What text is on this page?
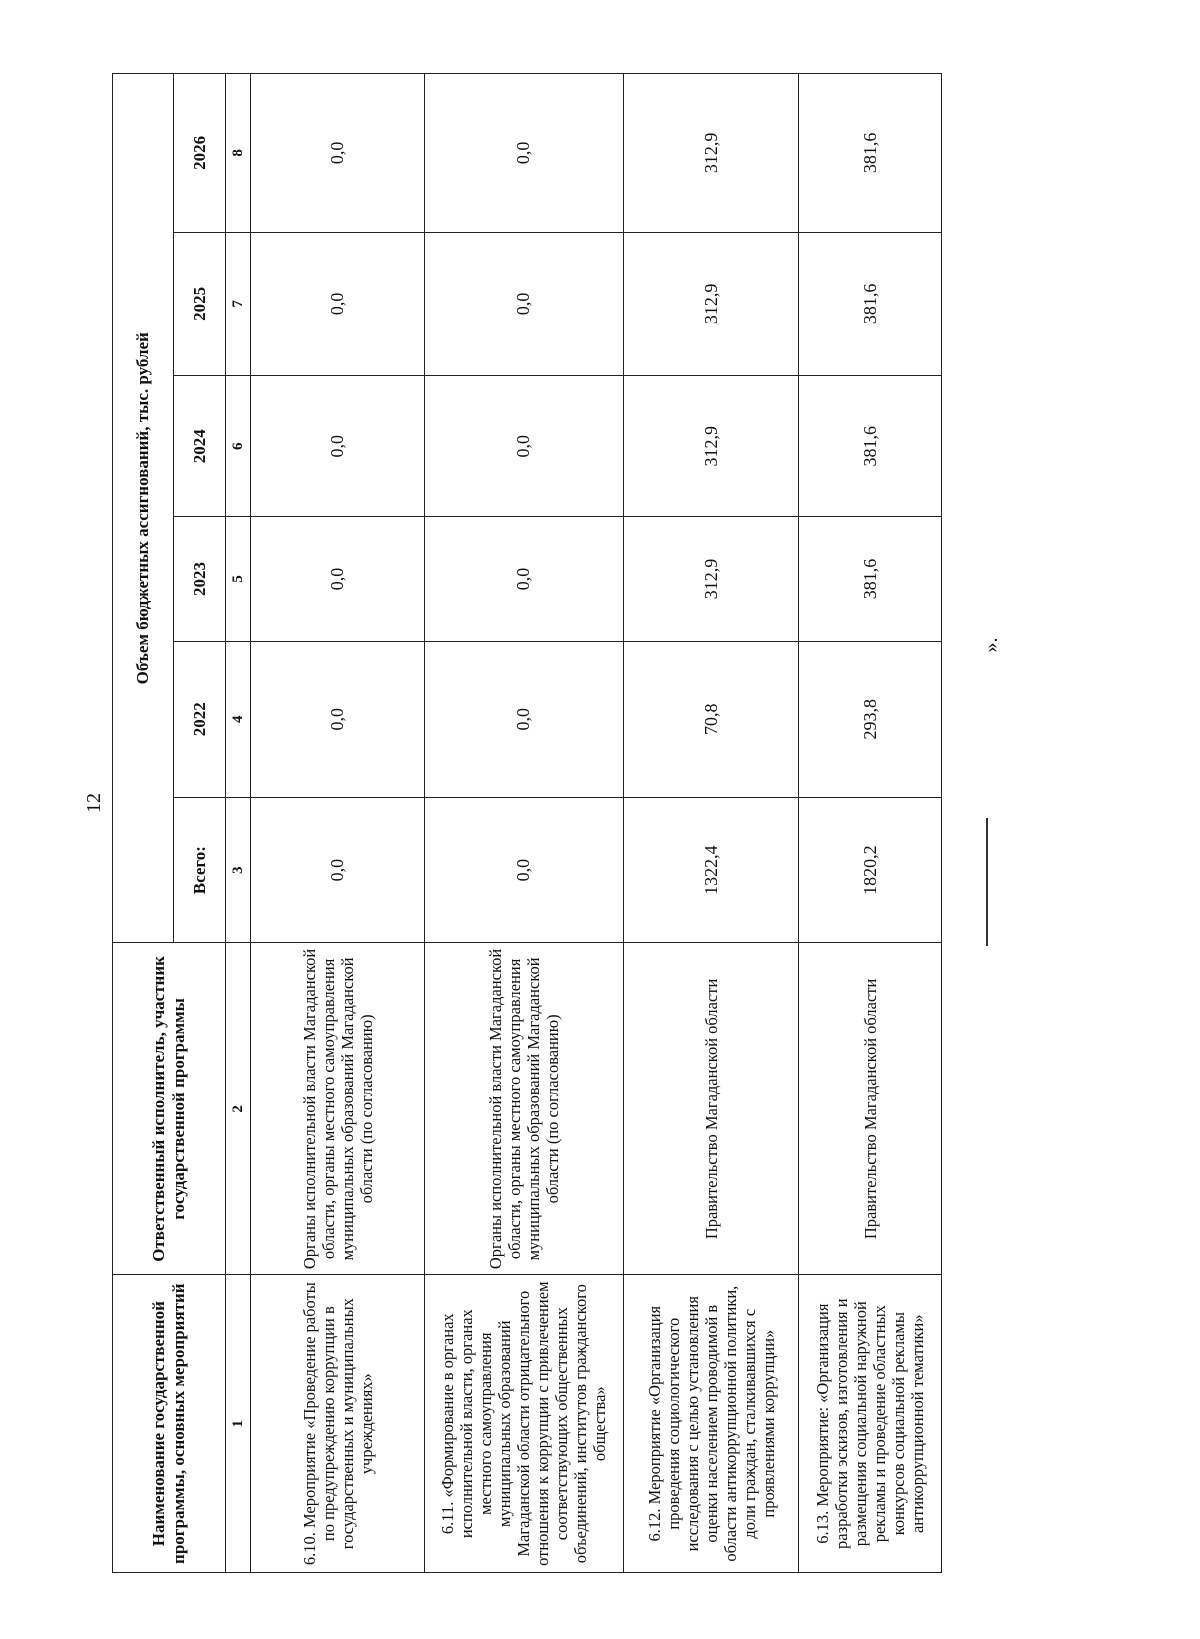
12
Наименование государственной программы, основных мероприятий	Ответственный исполнитель, участник государственной программы	Объем бюджетных ассигнований, тыс. рублей					
		Всего:	2022	2023	2024	2025	2026
1	2	3	4	5	6	7	8
6.10. Мероприятие «Проведение работы по предупреждению коррупции в государственных и муниципальных учреждениях»	Органы исполнительной власти Магаданской области, органы местного самоуправления муниципальных образований Магаданской области (по согласованию)	0,0	0,0	0,0	0,0	0,0	0,0
6.11. «Формирование в органах исполнительной власти, органах местного самоуправления муниципальных образований Магаданской области отрицательного отношения к коррупции с привлечением соответствующих общественных объединений, институтов гражданского общества»	Органы исполнительной власти Магаданской области, органы местного самоуправления муниципальных образований Магаданской области (по согласованию)	0,0	0,0	0,0	0,0	0,0	0,0
6.12. Мероприятие «Организация проведения социологического исследования с целью установления оценки населением проводимой в области антикоррупционной политики, доли граждан, сталкивавшихся с проявлениями коррупции»	Правительство Магаданской области	1322,4	70,8	312,9	312,9	312,9	312,9
6.13. Мероприятие: «Организация разработки эскизов, изготовления и размещения социальной наружной рекламы и проведение областных конкурсов социальной рекламы антикоррупционной тематики»	Правительство Магаданской области	1820,2	293,8	381,6	381,6	381,6	381,6
».
